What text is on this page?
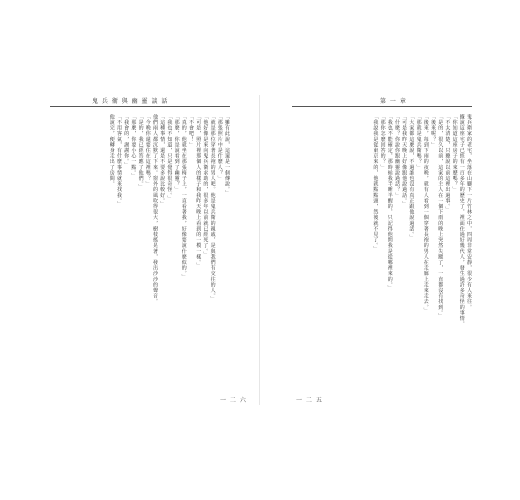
鬼 兵 衛 與 幽 靈 談 話
「雖有此說，這還是一個傳說。」
「那張照片中是什麼人？」
「就是那位穿著長袍的男人吧。他是鬼兵衛的親戚，是與我們有交往的人。」
「他好像是來向鬼兵衛求助的，很多年以前就已經死了。」
「可是，照片裡那個人的樣子和我昨天晚上看到的一模一樣。」
「不會吧！」
「真的，他就坐在那張椅子上，一直看著我，好像要說什麼似的。」
「那麼，你是說看到了幽靈？」
「我也不知道，只是覺得很奇怪。」
「這種事情，還是不要多說比較好。」
他們兩人都沉默了下來。窗外的風吹得很大，樹枝搖晃著，發出沙沙的聲音。
「今晚你還要住在這裡嗎？」
「是的，我已經答應了他們。」
「那麼，你要小心一點。」
「我會的，謝謝你。」
「不用客氣，有什麼事情就來找我。」
他說完，便轉身走出了房間。
一 二 六
第 一 章
鬼兵衛家的老宅，坐落在山腳下一片竹林之中，四周非常安靜，很少有人來往。
據說這座宅子已經有一百多年的歷史了，裡面住過好幾代人，發生過許多奇怪的事情。
「你知道這座房子的來歷嗎？」
「不太清楚，只聽說以前這裡出過事。」
「是的，很久以前，這家的主人在一個下雨的晚上突然失蹤了，一直都沒有找到。」
「後來呢？」
「後來，每到下雨的夜晚，就有人看到一個穿著長袍的男人在走廊上走來走去。」
「那就是鬼兵衛嗎？」
「大家都這麼說，不過誰也沒有真正跟他說過話。」
「可是我昨天晚上好像跟他說過話。」
「什麼？你說你跟幽靈說過話？」
「我也不能確定，那時候我半睡半醒的，只記得他問我是從哪裡來的。」
「那你怎麼回答的？」
「我說我是從東京來的，他就點點頭，然後就不見了。」
一 二 五
